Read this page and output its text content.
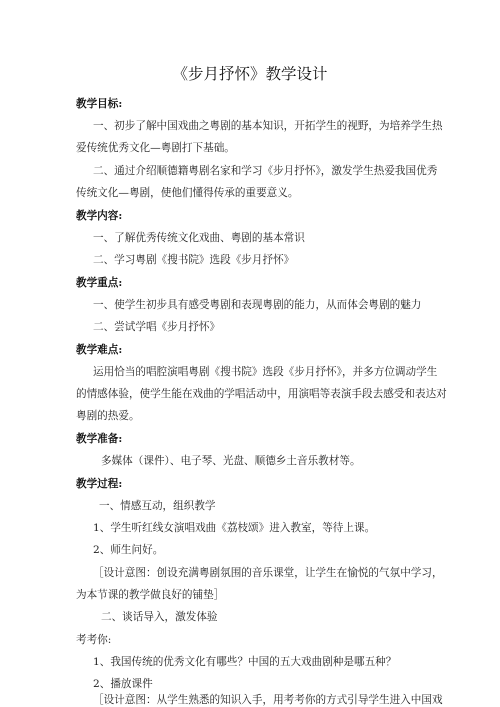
《步月抒怀》教学设计
教学目标:
一、初步了解中国戏曲之粤剧的基本知识，开拓学生的视野，为培养学生热
爱传统优秀文化—粤剧打下基础。
二、通过介绍顺德籍粤剧名家和学习《步月抒怀》，激发学生热爱我国优秀
传统文化—粤剧，使他们懂得传承的重要意义。
教学内容:
一、了解优秀传统文化戏曲、粤剧的基本常识
二、学习粤剧《搜书院》选段《步月抒怀》
教学重点:
一、使学生初步具有感受粤剧和表现粤剧的能力，从而体会粤剧的魅力
二、尝试学唱《步月抒怀》
教学难点:
运用恰当的唱腔演唱粤剧《搜书院》选段《步月抒怀》，并多方位调动学生
的情感体验，使学生能在戏曲的学唱活动中，用演唱等表演手段去感受和表达对
粤剧的热爱。
教学准备:
多媒体（课件）、电子琴、光盘、顺德乡土音乐教材等。
教学过程:
一、情感互动，组织教学
1、学生听红线女演唱戏曲《荔枝颂》进入教室，等待上课。
2、师生问好。
［设计意图：创设充满粤剧氛围的音乐课堂，让学生在愉悦的气氛中学习，
为本节课的教学做良好的铺垫］
二、谈话导入，激发体验
考考你:
1、我国传统的优秀文化有哪些？中国的五大戏曲剧种是哪五种？
2、播放课件
［设计意图：从学生熟悉的知识入手，用考考你的方式引导学生进入中国戏
